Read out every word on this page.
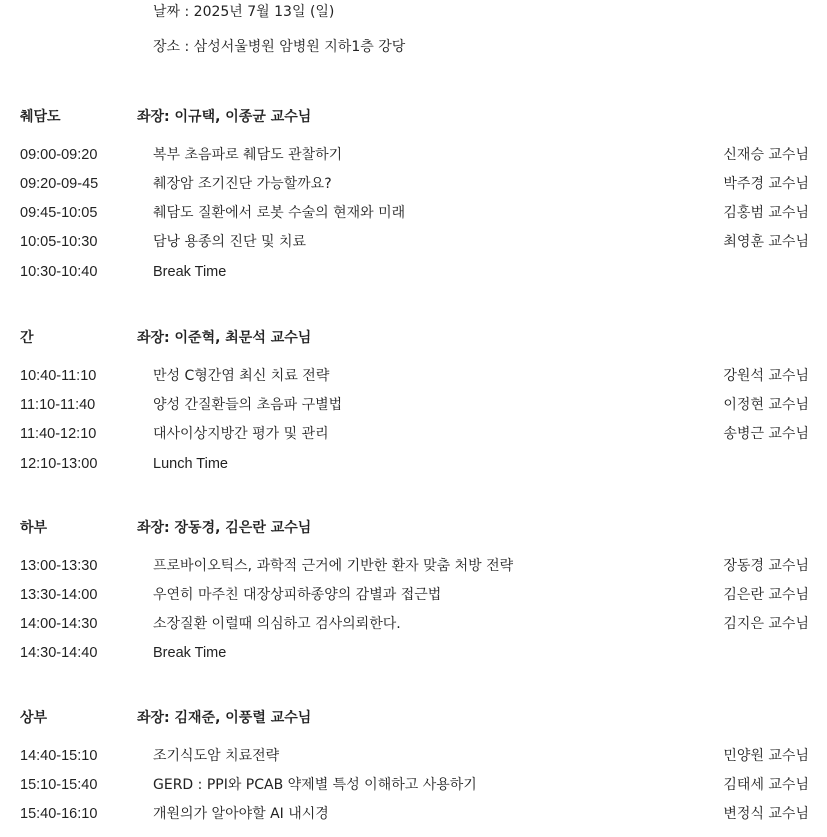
날짜 : 2025년 7월 13일 (일)
장소 : 삼성서울병원 암병원 지하1층 강당
췌담도	좌장: 이규택, 이종균 교수님
09:00-09:20	복부 초음파로 췌담도 관찰하기	신재승 교수님
09:20-09-45	췌장암 조기진단 가능할까요?	박주경 교수님
09:45-10:05	췌담도 질환에서 로봇 수술의 현재와 미래	김홍범 교수님
10:05-10:30	담낭 용종의 진단 및 치료	최영훈 교수님
10:30-10:40	Break Time
간	좌장: 이준혁, 최문석 교수님
10:40-11:10	만성 C형간염 최신 치료 전략	강원석 교수님
11:10-11:40	양성 간질환들의 초음파 구별법	이정현 교수님
11:40-12:10	대사이상지방간 평가 및 관리	송병근 교수님
12:10-13:00	Lunch Time
하부	좌장: 장동경, 김은란 교수님
13:00-13:30	프로바이오틱스, 과학적 근거에 기반한 환자 맞춤 처방 전략	장동경 교수님
13:30-14:00	우연히 마주친 대장상피하종양의 감별과 접근법	김은란 교수님
14:00-14:30	소장질환 이럴때 의심하고 검사의뢰한다.	김지은 교수님
14:30-14:40	Break Time
상부	좌장: 김재준, 이풍렬 교수님
14:40-15:10	조기식도암 치료전략	민양원 교수님
15:10-15:40	GERD : PPI와 PCAB 약제별 특성 이해하고 사용하기	김태세 교수님
15:40-16:10	개원의가 알아야할 AI 내시경	변정식 교수님
